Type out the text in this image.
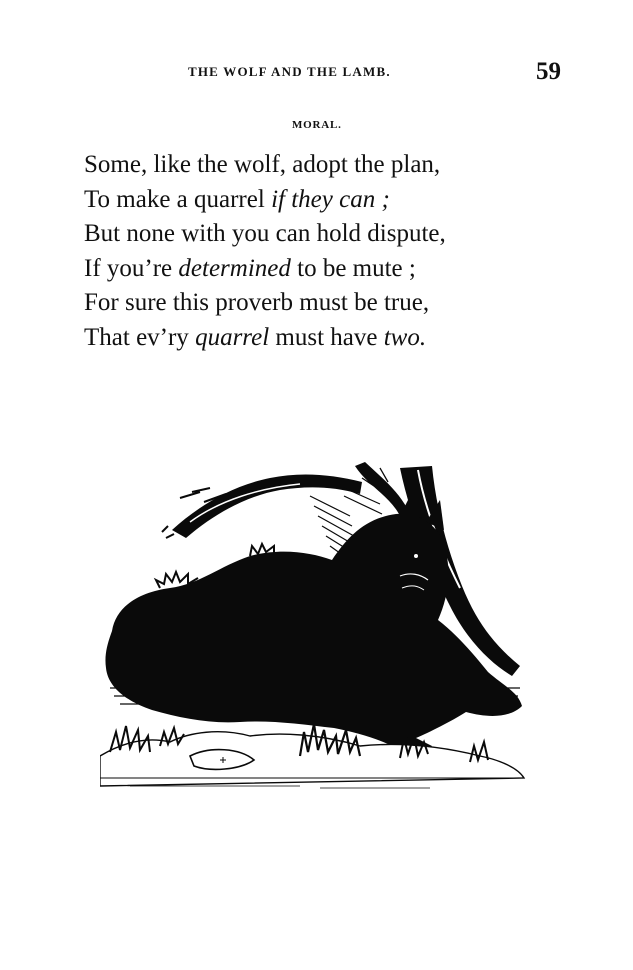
THE WOLF AND THE LAMB.	59
MORAL.
Some, like the wolf, adopt the plan,
To make a quarrel if they can ;
But none with you can hold dispute,
If you’re determined to be mute ;
For sure this proverb must be true,
That ev’ry quarrel must have two.
